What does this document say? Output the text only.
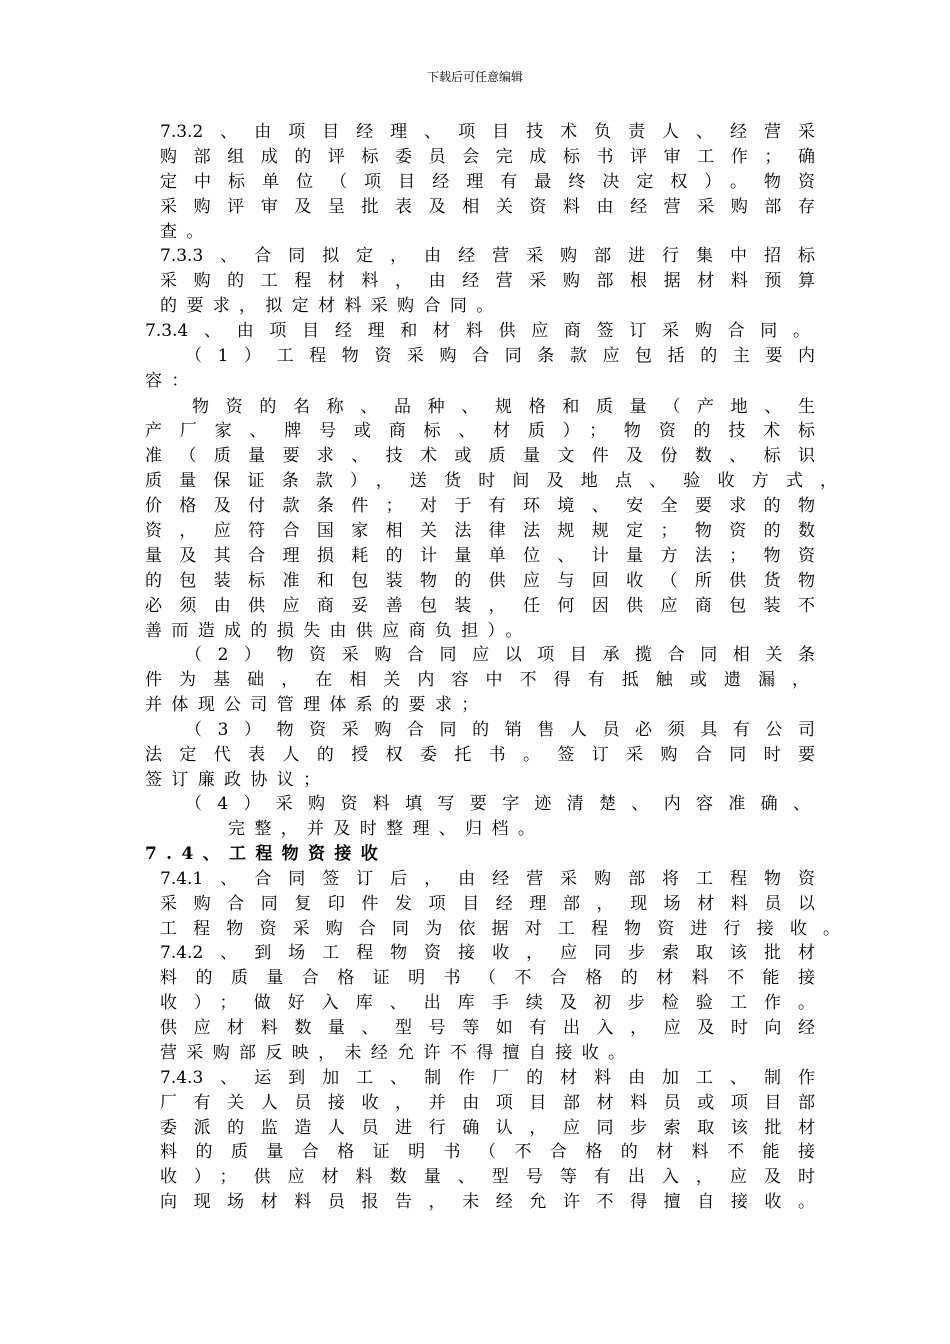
下载后可任意编辑
7.3.2、由项目经理、项目技术负责人、经营采
购部组成的评标委员会完成标书评审工作；确
定中标单位（项目经理有最终决定权）。物资
采购评审及呈批表及相关资料由经营采购部存
查。
7.3.3、合同拟定，由经营采购部进行集中招标
采购的工程材料，由经营采购部根据材料预算
的要求，拟定材料采购合同。
7.3.4、由项目经理和材料供应商签订采购合同。
（1）工程物资采购合同条款应包括的主要内
容：
物资的名称、品种、规格和质量（产地、生
产厂家、牌号或商标、材质）；物资的技术标
准（质量要求、技术或质量文件及份数、标识
质量保证条款），送货时间及地点、验收方式，
价格及付款条件；对于有环境、安全要求的物
资，应符合国家相关法律法规规定；物资的数
量及其合理损耗的计量单位、计量方法；物资
的包装标准和包装物的供应与回收（所供货物
必须由供应商妥善包装，任何因供应商包装不
善而造成的损失由供应商负担）。
（2）物资采购合同应以项目承揽合同相关条
件为基础，在相关内容中不得有抵触或遗漏，
并体现公司管理体系的要求；
（3）物资采购合同的销售人员必须具有公司
法定代表人的授权委托书。签订采购合同时要
签订廉政协议；
（4）采购资料填写要字迹清楚、内容准确、
完整，并及时整理、归档。
7.4、工程物资接收
7.4.1、合同签订后，由经营采购部将工程物资
采购合同复印件发项目经理部，现场材料员以
工程物资采购合同为依据对工程物资进行接收。
7.4.2、到场工程物资接收，应同步索取该批材
料的质量合格证明书（不合格的材料不能接
收）；做好入库、出库手续及初步检验工作。
供应材料数量、型号等如有出入，应及时向经
营采购部反映，未经允许不得擅自接收。
7.4.3、运到加工、制作厂的材料由加工、制作
厂有关人员接收，并由项目部材料员或项目部
委派的监造人员进行确认，应同步索取该批材
料的质量合格证明书（不合格的材料不能接
收）；供应材料数量、型号等有出入，应及时
向现场材料员报告，未经允许不得擅自接收。
